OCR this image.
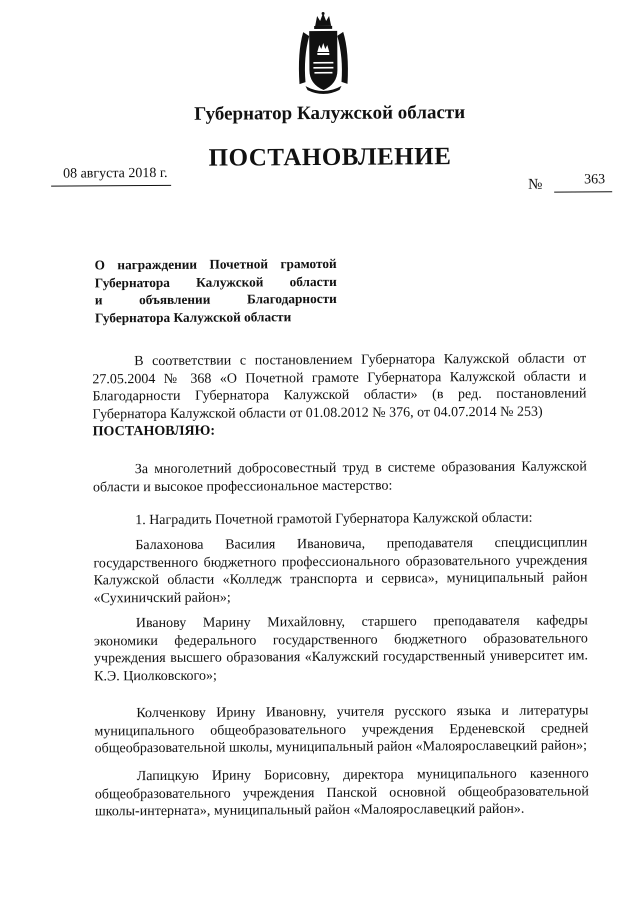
Губернатор Калужской области
ПОСТАНОВЛЕНИЕ
08 августа 2018 г.
№	363
О награждении Почетной грамотой
Губернатора Калужской области
и объявлении Благодарности
Губернатора Калужской области

В соответствии с постановлением Губернатора Калужской области от 27.05.2004 № 368 «О Почетной грамоте Губернатора Калужской области и Благодарности Губернатора Калужской области» (в ред. постановлений Губернатора Калужской области от 01.08.2012 № 376, от 04.07.2014 № 253)

ПОСТАНОВЛЯЮ:

За многолетний добросовестный труд в системе образования Калужской области и высокое профессиональное мастерство:

1. Наградить Почетной грамотой Губернатора Калужской области:

Балахонова Василия Ивановича, преподавателя спецдисциплин государственного бюджетного профессионального образовательного учреждения Калужской области «Колледж транспорта и сервиса», муниципальный район «Сухиничский район»;

Иванову Марину Михайловну, старшего преподавателя кафедры экономики федерального государственного бюджетного образовательного учреждения высшего образования «Калужский государственный университет им. К.Э. Циолковского»;

Колченкову Ирину Ивановну, учителя русского языка и литературы муниципального общеобразовательного учреждения Ерденевской средней общеобразовательной школы, муниципальный район «Малоярославецкий район»;

Лапицкую Ирину Борисовну, директора муниципального казенного общеобразовательного учреждения Панской основной общеобразовательной школы-интерната», муниципальный район «Малоярославецкий район».
